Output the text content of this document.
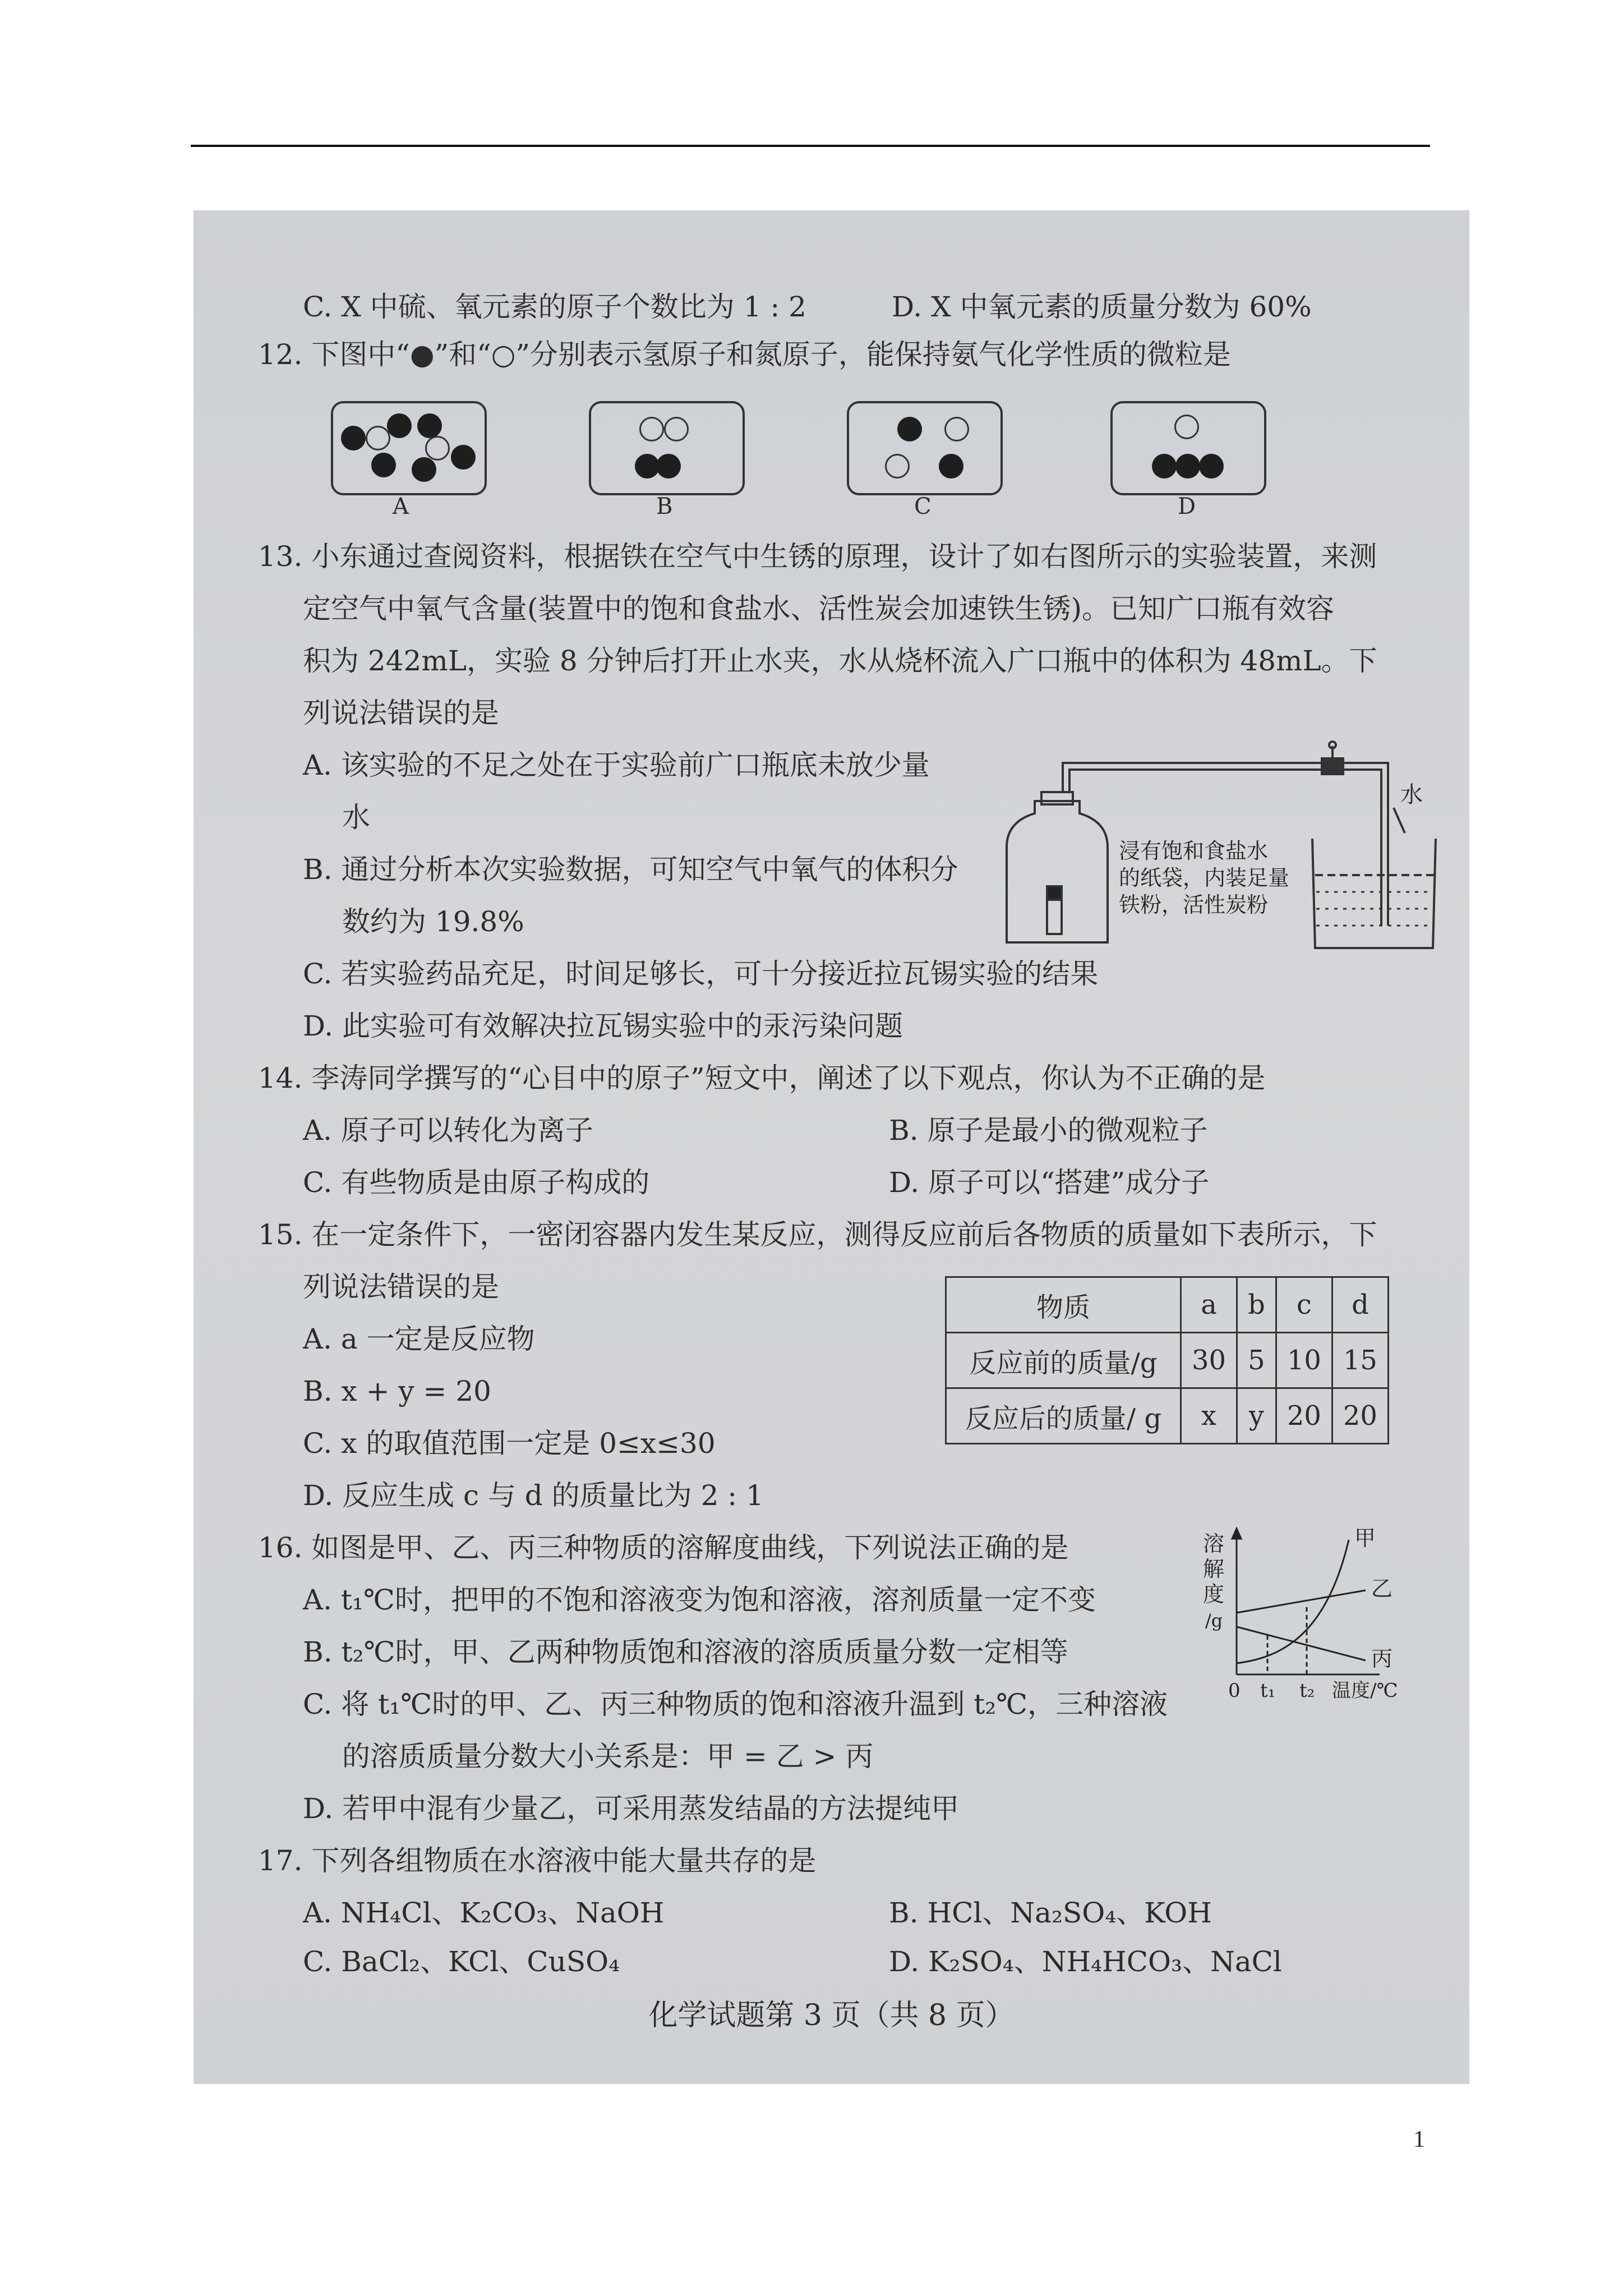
C. X 中硫、氧元素的原子个数比为 1 : 2	D. X 中氧元素的质量分数为 60%
12. 下图中“●”和“○”分别表示氢原子和氮原子，能保持氨气化学性质的微粒是
A	B	C	D
13. 小东通过查阅资料，根据铁在空气中生锈的原理，设计了如右图所示的实验装置，来测
定空气中氧气含量(装置中的饱和食盐水、活性炭会加速铁生锈)。已知广口瓶有效容
积为 242mL，实验 8 分钟后打开止水夹，水从烧杯流入广口瓶中的体积为 48mL。下
列说法错误的是
A. 该实验的不足之处在于实验前广口瓶底未放少量
水
B. 通过分析本次实验数据，可知空气中氧气的体积分
数约为 19.8%
C. 若实验药品充足，时间足够长，可十分接近拉瓦锡实验的结果
D. 此实验可有效解决拉瓦锡实验中的汞污染问题
水
浸有饱和食盐水
的纸袋，内装足量
铁粉，活性炭粉
14. 李涛同学撰写的“心目中的原子”短文中，阐述了以下观点，你认为不正确的是
A. 原子可以转化为离子	B. 原子是最小的微观粒子
C. 有些物质是由原子构成的	D. 原子可以“搭建”成分子
15. 在一定条件下，一密闭容器内发生某反应，测得反应前后各物质的质量如下表所示，下
列说法错误的是
A. a 一定是反应物
B. x + y = 20
C. x 的取值范围一定是 0≤x≤30
D. 反应生成 c 与 d 的质量比为 2 : 1
物质	a	b	c	d
反应前的质量/g	30	5	10	15
反应后的质量/ g	x	y	20	20
16. 如图是甲、乙、丙三种物质的溶解度曲线，下列说法正确的是
A. t₁℃时，把甲的不饱和溶液变为饱和溶液，溶剂质量一定不变
B. t₂℃时，甲、乙两种物质饱和溶液的溶质质量分数一定相等
C. 将 t₁℃时的甲、乙、丙三种物质的饱和溶液升温到 t₂℃，三种溶液
的溶质质量分数大小关系是：甲 = 乙 > 丙
D. 若甲中混有少量乙，可采用蒸发结晶的方法提纯甲
溶
解
度
/g
甲
乙
丙
0 t₁ t₂ 温度/℃
17. 下列各组物质在水溶液中能大量共存的是
A. NH₄Cl、K₂CO₃、NaOH	B. HCl、Na₂SO₄、KOH
C. BaCl₂、KCl、CuSO₄	D. K₂SO₄、NH₄HCO₃、NaCl
化学试题第 3 页（共 8 页）
1
